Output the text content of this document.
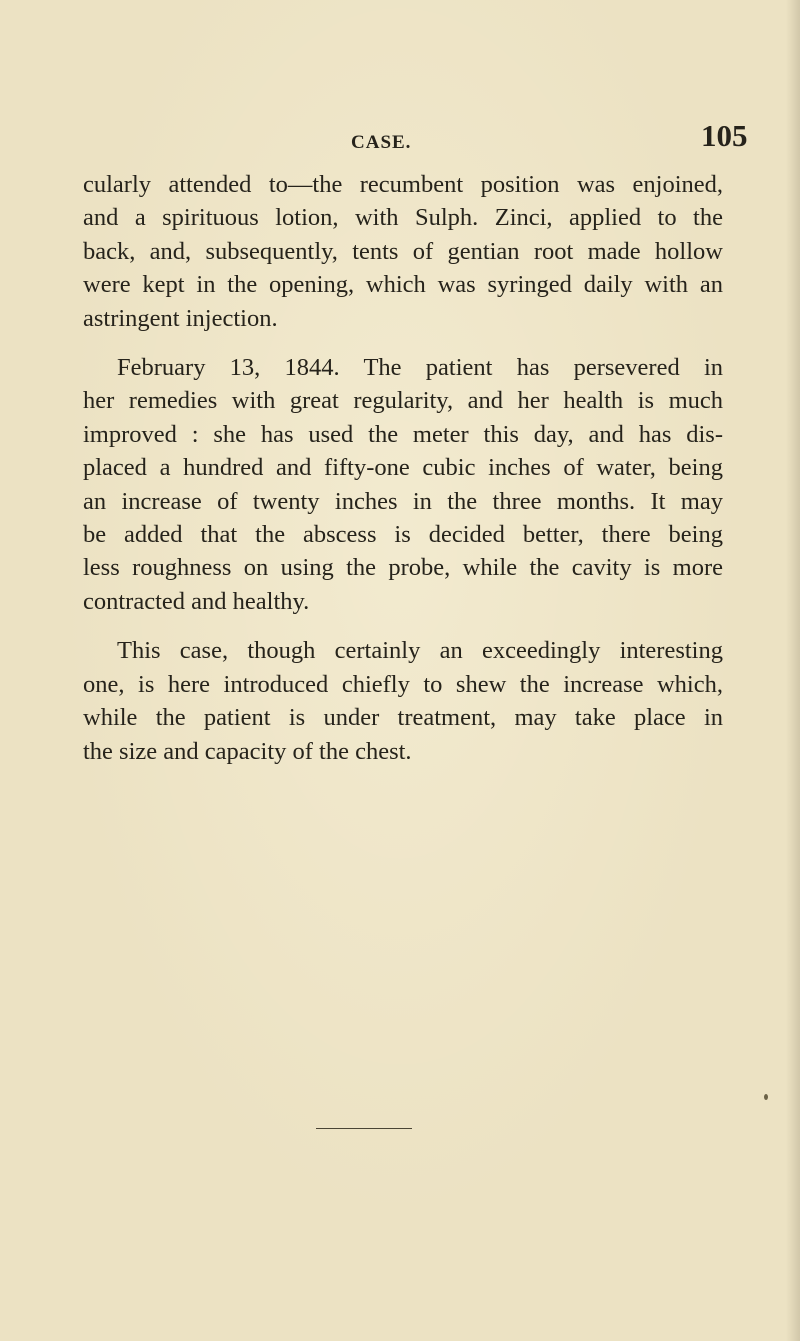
CASE.	105

cularly attended to—the recumbent position was enjoined,
and a spirituous lotion, with Sulph. Zinci, applied to the
back, and, subsequently, tents of gentian root made hollow
were kept in the opening, which was syringed daily with an
astringent injection.

February 13, 1844. The patient has persevered in
her remedies with great regularity, and her health is much
improved : she has used the meter this day, and has dis-
placed a hundred and fifty-one cubic inches of water, being
an increase of twenty inches in the three months. It may
be added that the abscess is decided better, there being
less roughness on using the probe, while the cavity is more
contracted and healthy.

This case, though certainly an exceedingly interesting
one, is here introduced chiefly to shew the increase which,
while the patient is under treatment, may take place in
the size and capacity of the chest.
